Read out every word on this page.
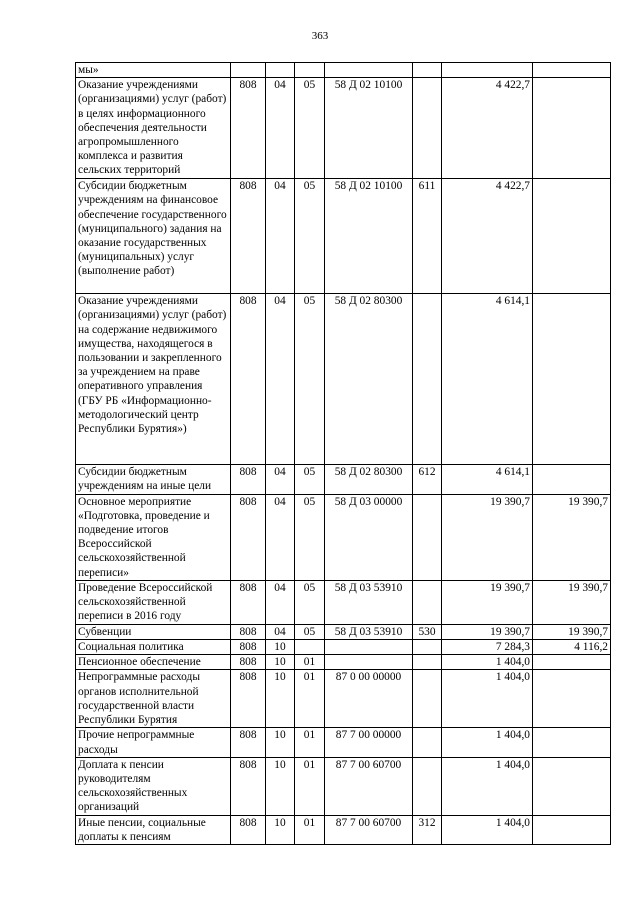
363
мы»							
Оказание учреждениями (организациями) услуг (работ) в целях информационного обеспечения деятельности агропромышленного комплекса и развития сельских территорий	808	04	05	58 Д 02 10100		4 422,7	
Субсидии бюджетным учреждениям на финансовое обеспечение государственного (муниципального) задания на оказание государственных (муниципальных) услуг (выполнение работ)	808	04	05	58 Д 02 10100	611	4 422,7	
Оказание учреждениями (организациями) услуг (работ) на содержание недвижимого имущества, находящегося в пользовании и закрепленного за учреждением на праве оперативного управления (ГБУ РБ «Информационно-методологический центр Республики Бурятия»)	808	04	05	58 Д 02 80300		4 614,1	
Субсидии бюджетным учреждениям на иные цели	808	04	05	58 Д 02 80300	612	4 614,1	
Основное мероприятие «Подготовка, проведение и подведение итогов Всероссийской сельскохозяйственной переписи»	808	04	05	58 Д 03 00000		19 390,7	19 390,7
Проведение Всероссийской сельскохозяйственной переписи в 2016 году	808	04	05	58 Д 03 53910		19 390,7	19 390,7
Субвенции	808	04	05	58 Д 03 53910	530	19 390,7	19 390,7
Социальная политика	808	10				7 284,3	4 116,2
Пенсионное обеспечение	808	10	01			1 404,0	
Непрограммные расходы органов исполнительной государственной власти Республики Бурятия	808	10	01	87 0 00 00000		1 404,0	
Прочие непрограммные расходы	808	10	01	87 7 00 00000		1 404,0	
Доплата к пенсии руководителям сельскохозяйственных организаций	808	10	01	87 7 00 60700		1 404,0	
Иные пенсии, социальные доплаты к пенсиям	808	10	01	87 7 00 60700	312	1 404,0	
